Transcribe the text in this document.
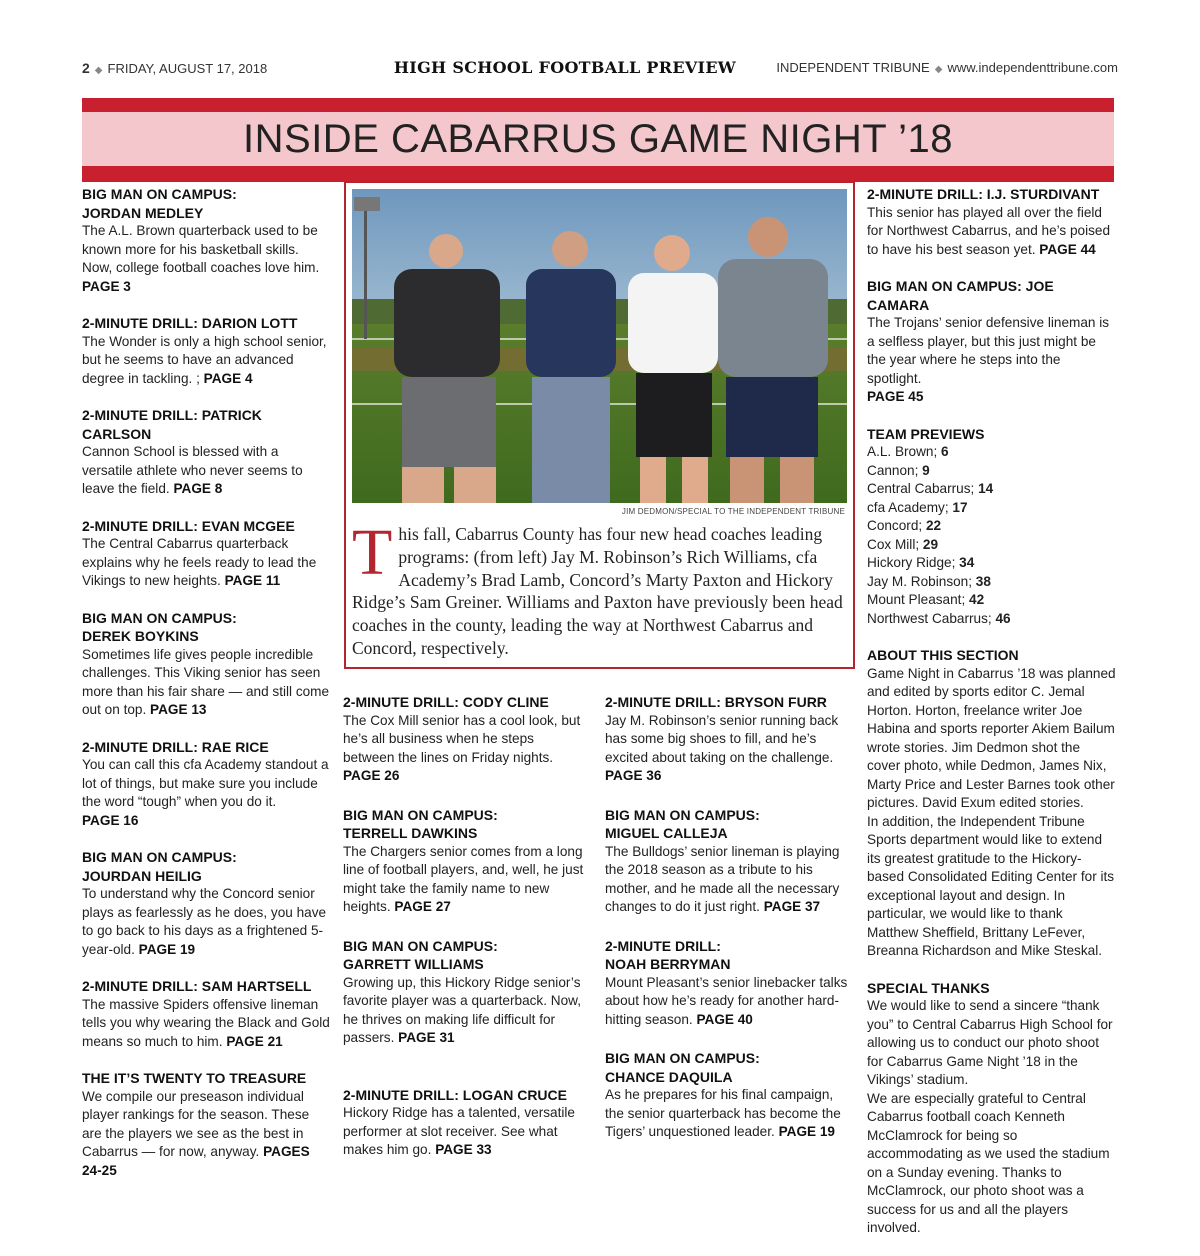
2 ◆ FRIDAY, AUGUST 17, 2018	HIGH SCHOOL FOOTBALL PREVIEW	INDEPENDENT TRIBUNE ◆ www.independenttribune.com
INSIDE CABARRUS GAME NIGHT ’18
BIG MAN ON CAMPUS:
JORDAN MEDLEY
The A.L. Brown quarterback used to be known more for his basketball skills. Now, college football coaches love him.
PAGE 3
2-MINUTE DRILL: DARION LOTT
The Wonder is only a high school senior, but he seems to have an advanced degree in tackling. ; PAGE 4
2-MINUTE DRILL: PATRICK CARLSON
Cannon School is blessed with a versatile athlete who never seems to leave the field. PAGE 8
2-MINUTE DRILL: EVAN MCGEE
The Central Cabarrus quarterback explains why he feels ready to lead the Vikings to new heights. PAGE 11
BIG MAN ON CAMPUS:
DEREK BOYKINS
Sometimes life gives people incredible challenges. This Viking senior has seen more than his fair share — and still come out on top. PAGE 13
2-MINUTE DRILL: RAE RICE
You can call this cfa Academy standout a lot of things, but make sure you include the word “tough” when you do it.
PAGE 16
BIG MAN ON CAMPUS:
JOURDAN HEILIG
To understand why the Concord senior plays as fearlessly as he does, you have to go back to his days as a frightened 5-year-old. PAGE 19
2-MINUTE DRILL: SAM HARTSELL
The massive Spiders offensive lineman tells you why wearing the Black and Gold means so much to him. PAGE 21
THE IT’S TWENTY TO TREASURE
We compile our preseason individual player rankings for the season. These are the players we see as the best in Cabarrus — for now, anyway. PAGES 24-25
JIM DEDMON/SPECIAL TO THE INDEPENDENT TRIBUNE
This fall, Cabarrus County has four new head coaches leading programs: (from left) Jay M. Robinson’s Rich Williams, cfa Academy’s Brad Lamb, Concord’s Marty Paxton and Hickory Ridge’s Sam Greiner. Williams and Paxton have previously been head coaches in the county, leading the way at Northwest Cabarrus and Concord, respectively.
2-MINUTE DRILL: CODY CLINE
The Cox Mill senior has a cool look, but he’s all business when he steps between the lines on Friday nights. PAGE 26
BIG MAN ON CAMPUS:
TERRELL DAWKINS
The Chargers senior comes from a long line of football players, and, well, he just might take the family name to new heights. PAGE 27
BIG MAN ON CAMPUS:
GARRETT WILLIAMS
Growing up, this Hickory Ridge senior’s favorite player was a quarterback. Now, he thrives on making life difficult for passers. PAGE 31
2-MINUTE DRILL: LOGAN CRUCE
Hickory Ridge has a talented, versatile performer at slot receiver. See what makes him go. PAGE 33
2-MINUTE DRILL: BRYSON FURR
Jay M. Robinson’s senior running back has some big shoes to fill, and he’s excited about taking on the challenge.
PAGE 36
BIG MAN ON CAMPUS:
MIGUEL CALLEJA
The Bulldogs’ senior lineman is playing the 2018 season as a tribute to his mother, and he made all the necessary changes to do it just right. PAGE 37
2-MINUTE DRILL:
NOAH BERRYMAN
Mount Pleasant’s senior linebacker talks about how he’s ready for another hard-hitting season. PAGE 40
BIG MAN ON CAMPUS:
CHANCE DAQUILA
As he prepares for his final campaign, the senior quarterback has become the Tigers’ unquestioned leader. PAGE 19
2-MINUTE DRILL: I.J. STURDIVANT
This senior has played all over the field for Northwest Cabarrus, and he’s poised to have his best season yet. PAGE 44
BIG MAN ON CAMPUS: JOE CAMARA
The Trojans’ senior defensive lineman is a selfless player, but this just might be the year where he steps into the spotlight.
PAGE 45
TEAM PREVIEWS
A.L. Brown; 6
Cannon; 9
Central Cabarrus; 14
cfa Academy; 17
Concord; 22
Cox Mill; 29
Hickory Ridge; 34
Jay M. Robinson; 38
Mount Pleasant; 42
Northwest Cabarrus; 46
ABOUT THIS SECTION
Game Night in Cabarrus ’18 was planned and edited by sports editor C. Jemal Horton. Horton, freelance writer Joe Habina and sports reporter Akiem Bailum wrote stories. Jim Dedmon shot the cover photo, while Dedmon, James Nix, Marty Price and Lester Barnes took other pictures. David Exum edited stories.
In addition, the Independent Tribune Sports department would like to extend its greatest gratitude to the Hickory-based Consolidated Editing Center for its exceptional layout and design. In particular, we would like to thank Matthew Sheffield, Brittany LeFever, Breanna Richardson and Mike Steskal.
SPECIAL THANKS
We would like to send a sincere “thank you” to Central Cabarrus High School for allowing us to conduct our photo shoot for Cabarrus Game Night ’18 in the Vikings’ stadium.
We are especially grateful to Central Cabarrus football coach Kenneth McClamrock for being so accommodating as we used the stadium on a Sunday evening. Thanks to McClamrock, our photo shoot was a success for us and all the players involved.
